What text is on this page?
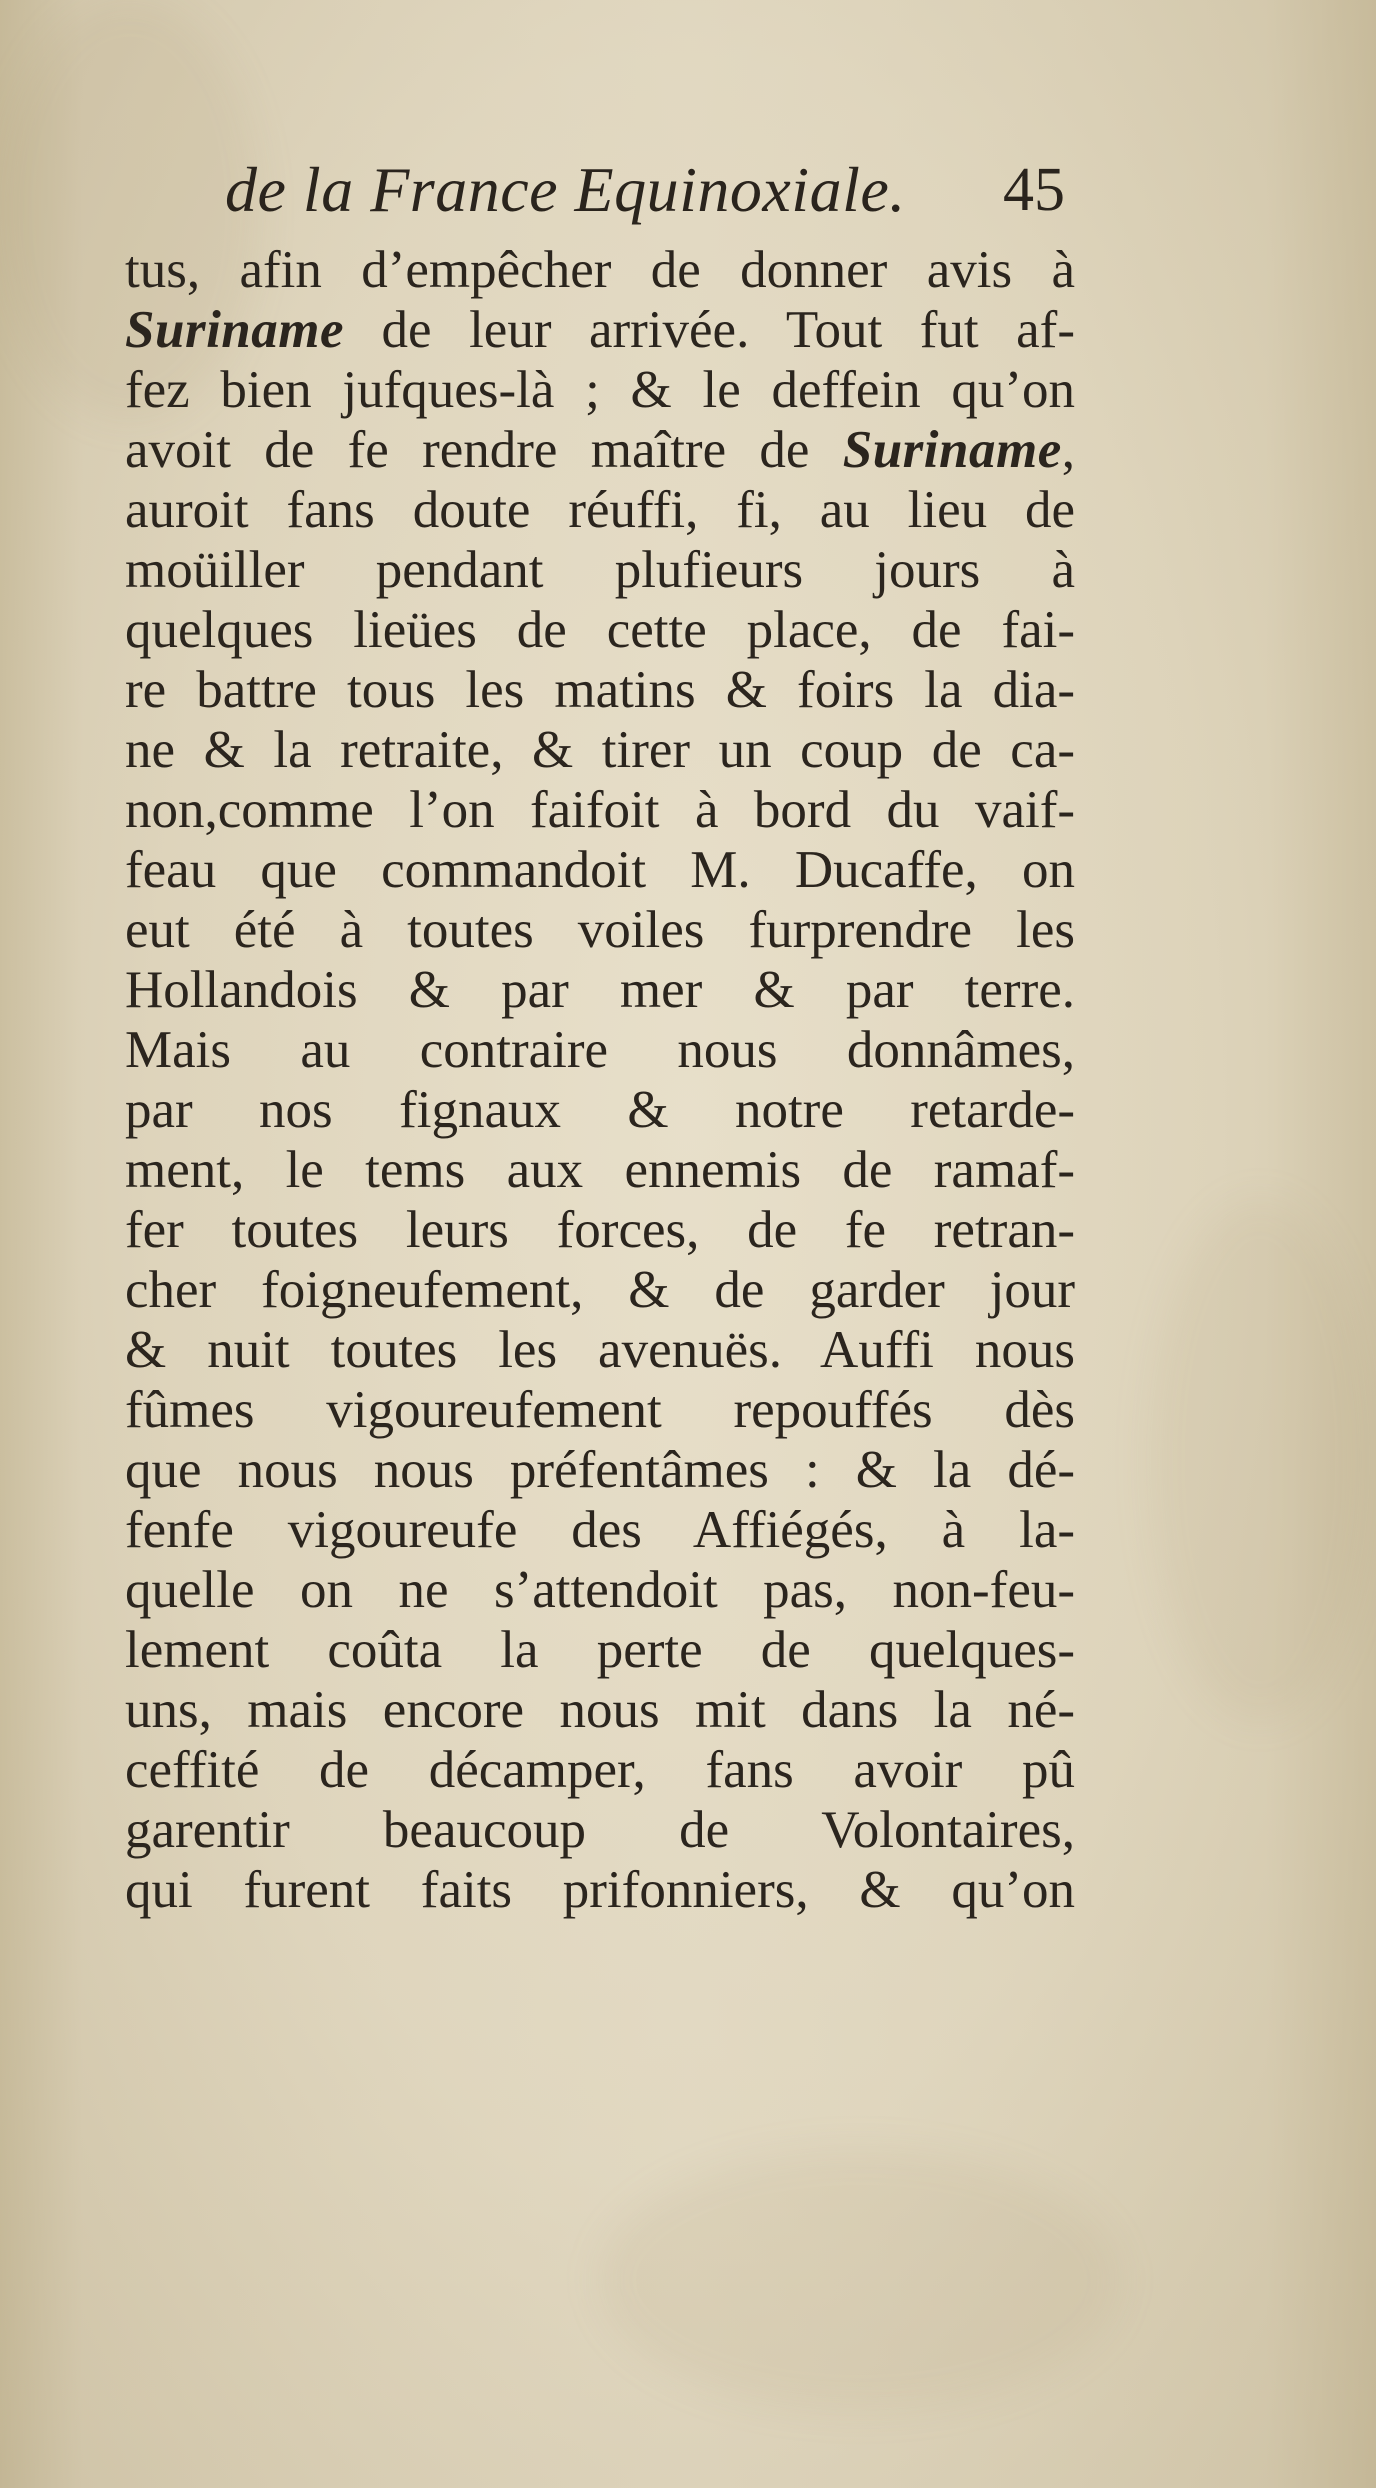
de la France Equinoxiale. 45
tus, afin d’empêcher de donner avis à
Suriname de leur arrivée. Tout fut af-
fez bien jufques-là ; & le deffein qu’on
avoit de fe rendre maître de Suriname,
auroit fans doute réuffi, fi, au lieu de
moüiller pendant plufieurs jours à
quelques lieües de cette place, de fai-
re battre tous les matins & foirs la dia-
ne & la retraite, & tirer un coup de ca-
non,comme l’on faifoit à bord du vaif-
feau que commandoit M. Ducaffe, on
eut été à toutes voiles furprendre les
Hollandois & par mer & par terre.
Mais au contraire nous donnâmes,
par nos fignaux & notre retarde-
ment, le tems aux ennemis de ramaf-
fer toutes leurs forces, de fe retran-
cher foigneufement, & de garder jour
& nuit toutes les avenuës. Auffi nous
fûmes vigoureufement repouffés dès
que nous nous préfentâmes : & la dé-
fenfe vigoureufe des Affiégés, à la-
quelle on ne s’attendoit pas, non-feu-
lement coûta la perte de quelques-
uns, mais encore nous mit dans la né-
ceffité de décamper, fans avoir pû
garentir beaucoup de Volontaires,
qui furent faits prifonniers, & qu’on
